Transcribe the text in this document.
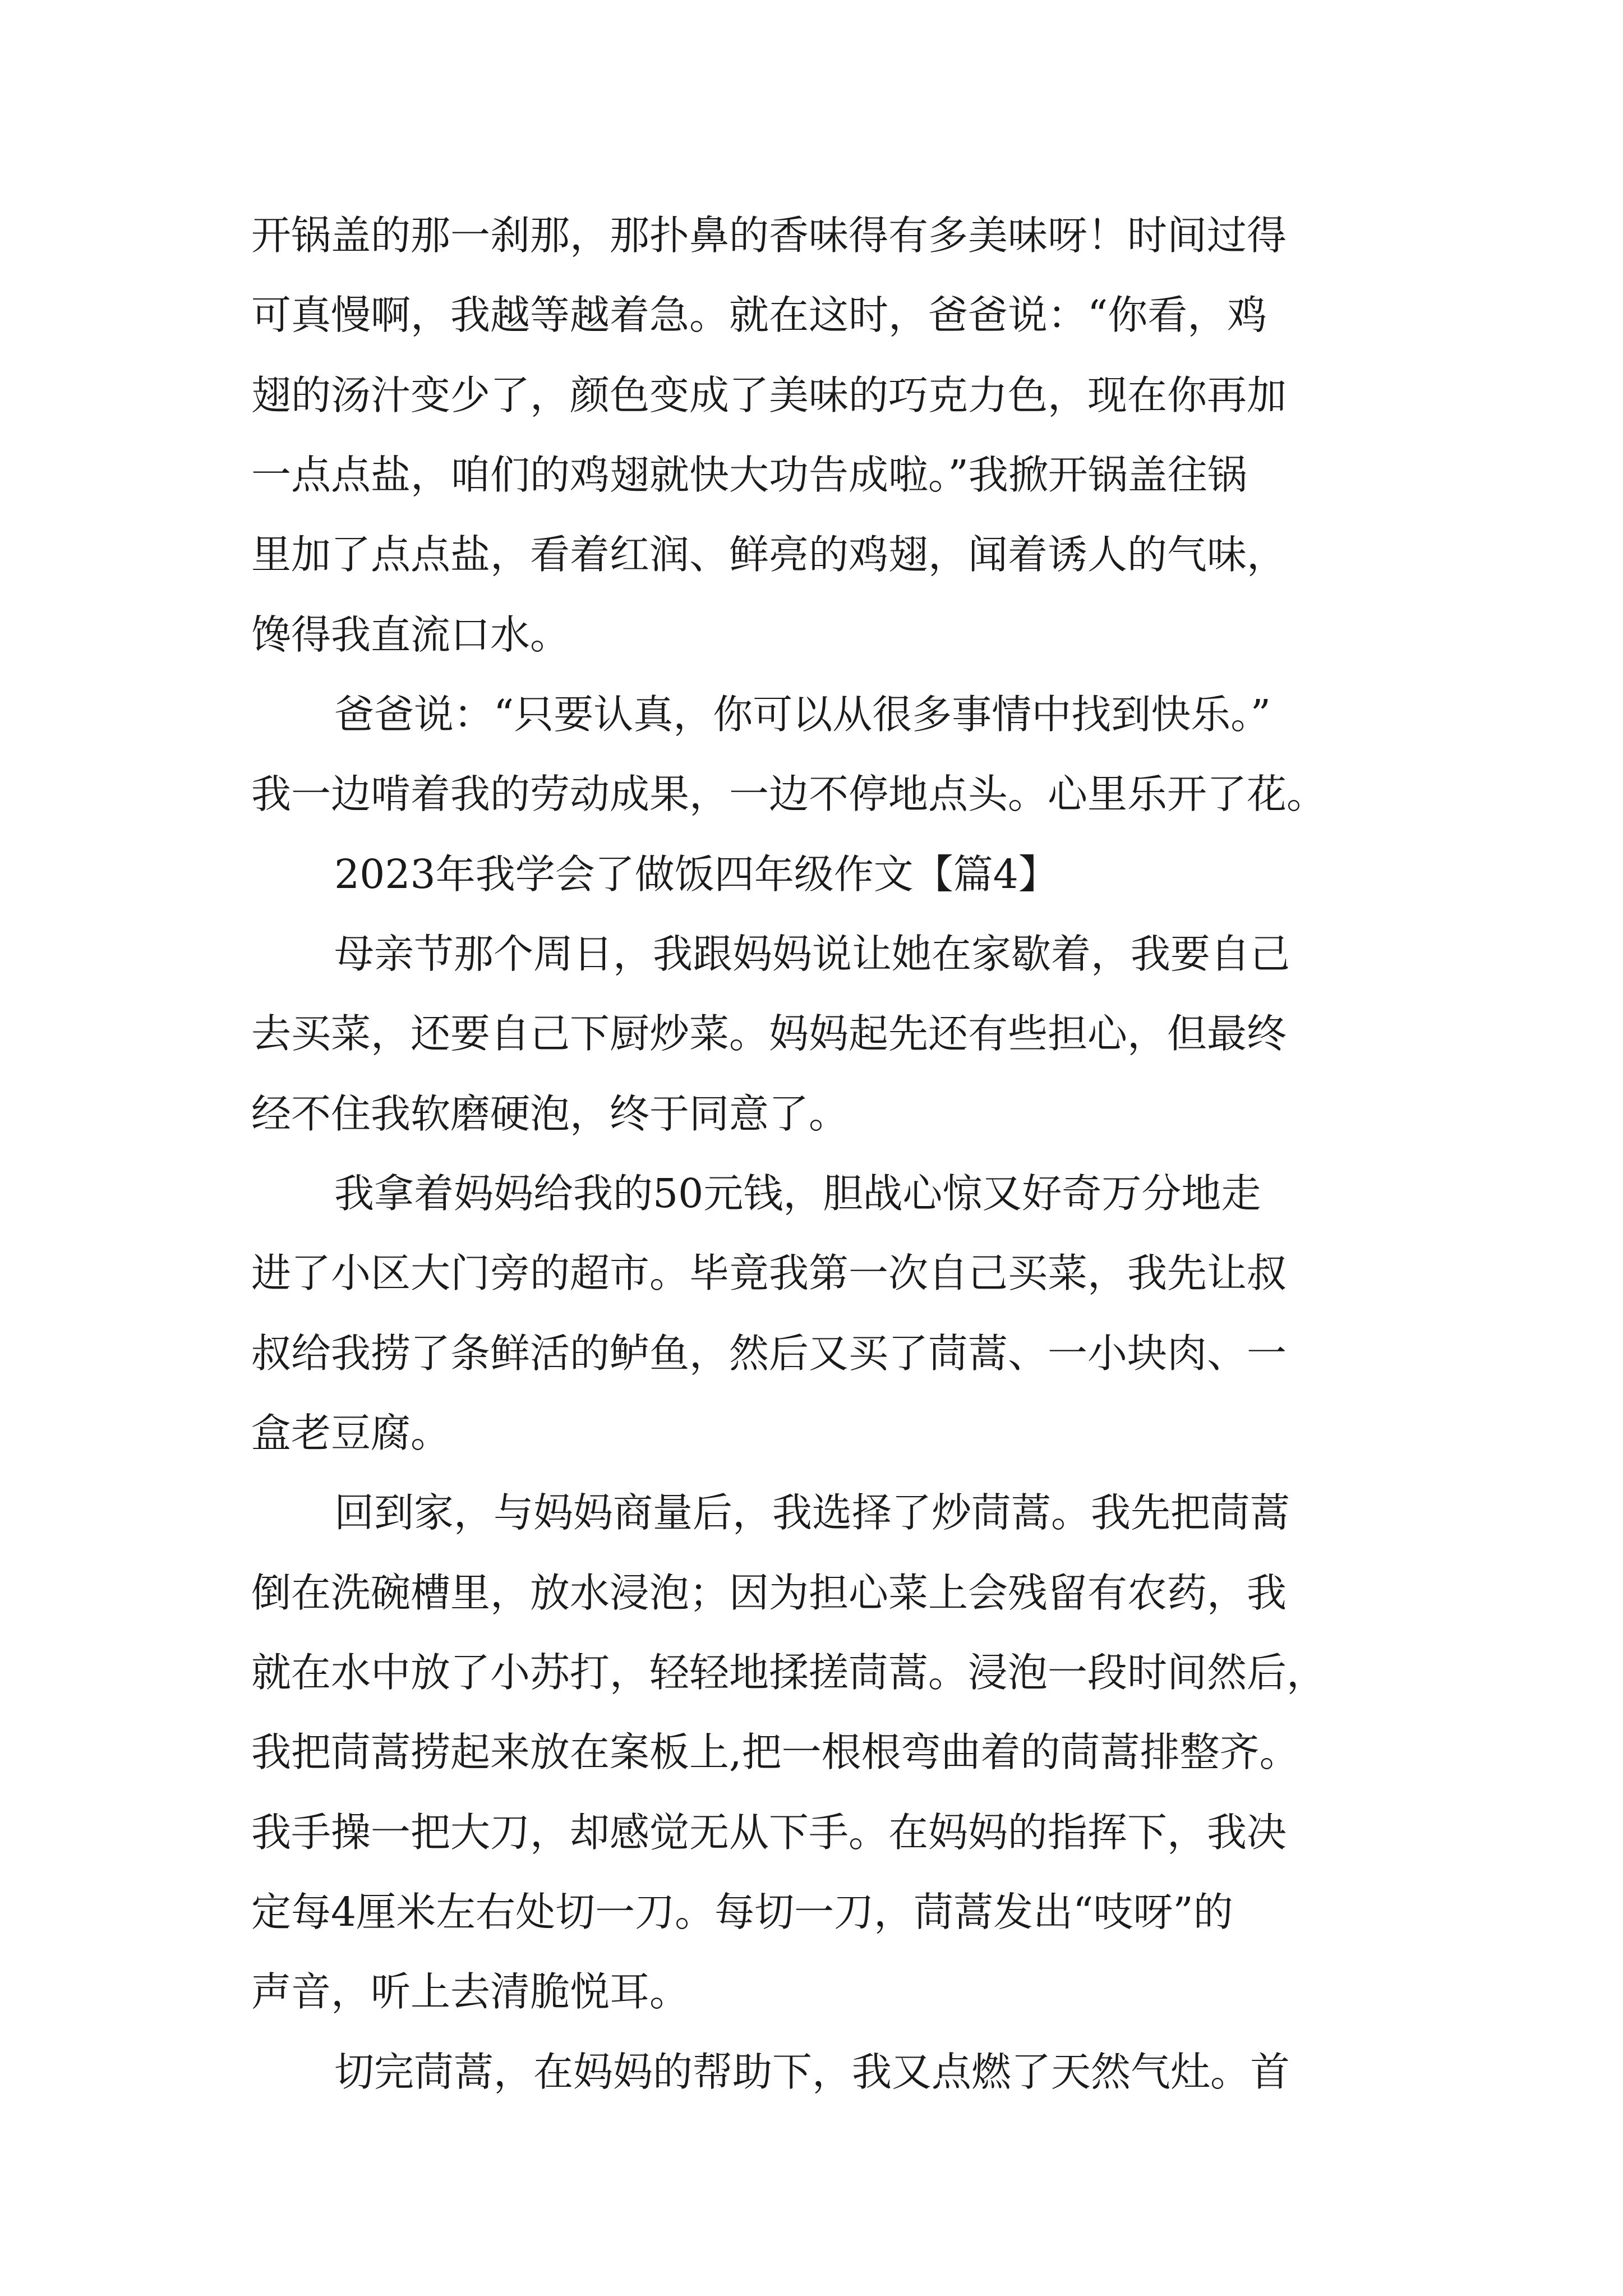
开锅盖的那一刹那，那扑鼻的香味得有多美味呀！时间过得
可真慢啊，我越等越着急。就在这时，爸爸说：“你看，鸡
翅的汤汁变少了，颜色变成了美味的巧克力色，现在你再加
一点点盐，咱们的鸡翅就快大功告成啦。”我掀开锅盖往锅
里加了点点盐，看着红润、鲜亮的鸡翅，闻着诱人的气味，
馋得我直流口水。
爸爸说：“只要认真，你可以从很多事情中找到快乐。”
我一边啃着我的劳动成果，一边不停地点头。心里乐开了花。
2023年我学会了做饭四年级作文【篇4】
母亲节那个周日，我跟妈妈说让她在家歇着，我要自己
去买菜，还要自己下厨炒菜。妈妈起先还有些担心，但最终
经不住我软磨硬泡，终于同意了。
我拿着妈妈给我的50元钱，胆战心惊又好奇万分地走
进了小区大门旁的超市。毕竟我第一次自己买菜，我先让叔
叔给我捞了条鲜活的鲈鱼，然后又买了茼蒿、一小块肉、一
盒老豆腐。
回到家，与妈妈商量后，我选择了炒茼蒿。我先把茼蒿
倒在洗碗槽里，放水浸泡；因为担心菜上会残留有农药，我
就在水中放了小苏打，轻轻地揉搓茼蒿。浸泡一段时间然后，
我把茼蒿捞起来放在案板上,把一根根弯曲着的茼蒿排整齐。
我手操一把大刀，却感觉无从下手。在妈妈的指挥下，我决
定每4厘米左右处切一刀。每切一刀，茼蒿发出“吱呀”的
声音，听上去清脆悦耳。
切完茼蒿，在妈妈的帮助下，我又点燃了天然气灶。首
